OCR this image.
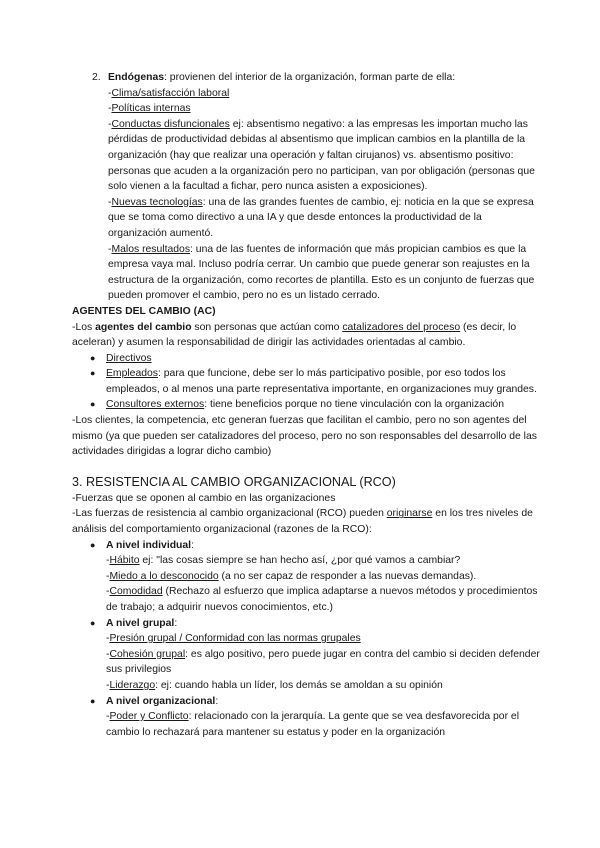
2. Endógenas: provienen del interior de la organización, forman parte de ella:

-Clima/satisfacción laboral

-Políticas internas

-Conductas disfuncionales ej: absentismo negativo: a las empresas les importan mucho las pérdidas de productividad debidas al absentismo que implican cambios en la plantilla de la organización (hay que realizar una operación y faltan cirujanos) vs. absentismo positivo: personas que acuden a la organización pero no participan, van por obligación (personas que solo vienen a la facultad a fichar, pero nunca asisten a exposiciones).

-Nuevas tecnologías: una de las grandes fuentes de cambio, ej: noticia en la que se expresa que se toma como directivo a una IA y que desde entonces la productividad de la organización aumentó.

-Malos resultados: una de las fuentes de información que más propician cambios es que la empresa vaya mal. Incluso podría cerrar. Un cambio que puede generar son reajustes en la estructura de la organización, como recortes de plantilla. Esto es un conjunto de fuerzas que pueden promover el cambio, pero no es un listado cerrado.

AGENTES DEL CAMBIO (AC)

-Los agentes del cambio son personas que actúan como catalizadores del proceso (es decir, lo aceleran) y asumen la responsabilidad de dirigir las actividades orientadas al cambio.

●	Directivos
●	Empleados: para que funcione, debe ser lo más participativo posible, por eso todos los empleados, o al menos una parte representativa importante, en organizaciones muy grandes.
●	Consultores externos: tiene beneficios porque no tiene vinculación con la organización

-Los clientes, la competencia, etc generan fuerzas que facilitan el cambio, pero no son agentes del mismo (ya que pueden ser catalizadores del proceso, pero no son responsables del desarrollo de las actividades dirigidas a lograr dicho cambio)

3. RESISTENCIA AL CAMBIO ORGANIZACIONAL (RCO)

-Fuerzas que se oponen al cambio en las organizaciones

-Las fuerzas de resistencia al cambio organizacional (RCO) pueden originarse en los tres niveles de análisis del comportamiento organizacional (razones de la RCO):

●	A nivel individual:

-Hábito ej: "las cosas siempre se han hecho así, ¿por qué vamos a cambiar?

-Miedo a lo desconocido (a no ser capaz de responder a las nuevas demandas).

-Comodidad (Rechazo al esfuerzo que implica adaptarse a nuevos métodos y procedimientos de trabajo; a adquirir nuevos conocimientos, etc.)

●	A nivel grupal:

-Presión grupal / Conformidad con las normas grupales

-Cohesión grupal: es algo positivo, pero puede jugar en contra del cambio si deciden defender sus privilegios

-Liderazgo: ej: cuando habla un líder, los demás se amoldan a su opinión

●	A nivel organizacional:

-Poder y Conflicto: relacionado con la jerarquía. La gente que se vea desfavorecida por el cambio lo rechazará para mantener su estatus y poder en la organización
